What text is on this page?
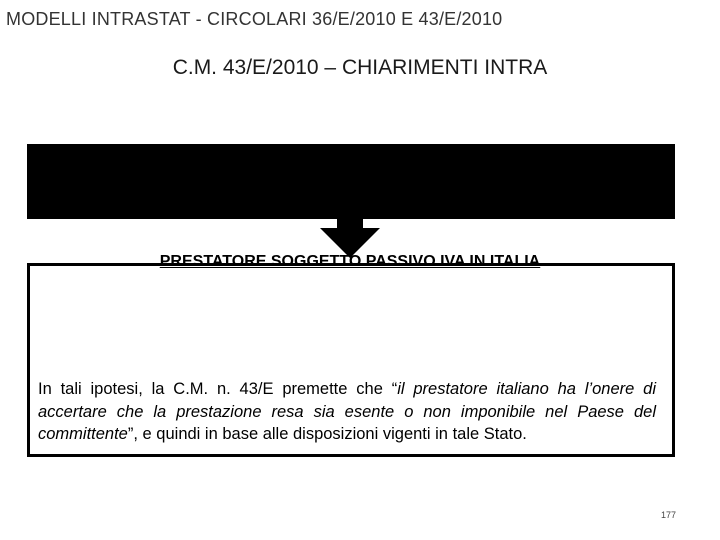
MODELLI INTRASTAT - CIRCOLARI 36/E/2010 E 43/E/2010
C.M. 43/E/2010 – CHIARIMENTI INTRA
PRESTATORE SOGGETTO PASSIVO IVA IN ITALIA
In tali ipotesi, la C.M. n. 43/E premette che “il prestatore italiano ha l’onere di accertare che la prestazione resa sia esente o non imponibile nel Paese del committente”, e quindi in base alle disposizioni vigenti in tale Stato.
177
